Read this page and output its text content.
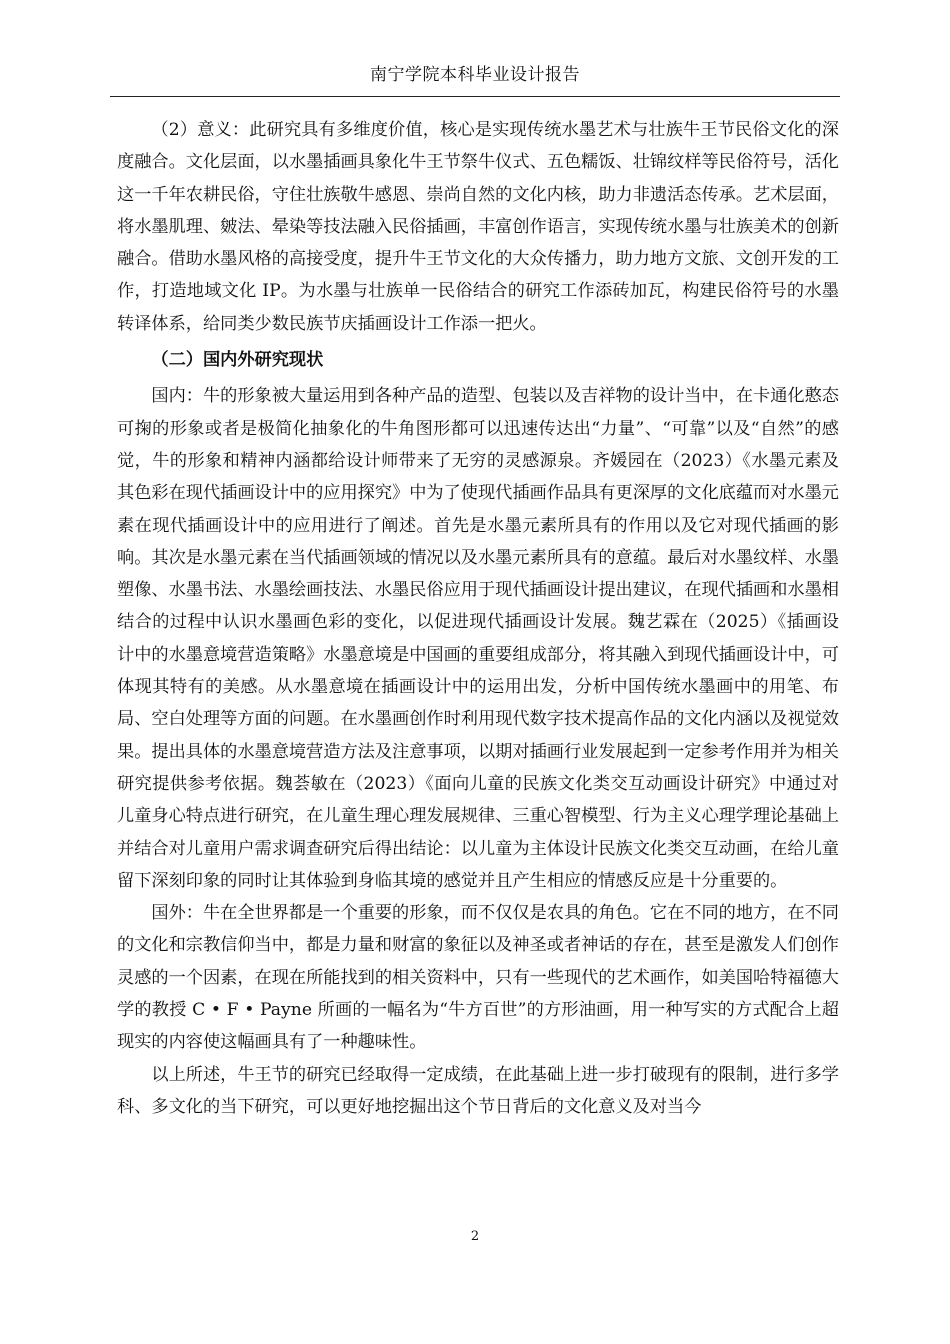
南宁学院本科毕业设计报告

（2）意义：此研究具有多维度价值，核心是实现传统水墨艺术与壮族牛王节民俗文化的深度融合。文化层面，以水墨插画具象化牛王节祭牛仪式、五色糯饭、壮锦纹样等民俗符号，活化这一千年农耕民俗，守住壮族敬牛感恩、崇尚自然的文化内核，助力非遗活态传承。艺术层面，将水墨肌理、皴法、晕染等技法融入民俗插画，丰富创作语言，实现传统水墨与壮族美术的创新融合。借助水墨风格的高接受度，提升牛王节文化的大众传播力，助力地方文旅、文创开发的工作，打造地域文化 IP。为水墨与壮族单一民俗结合的研究工作添砖加瓦，构建民俗符号的水墨转译体系，给同类少数民族节庆插画设计工作添一把火。

（二）国内外研究现状

国内：牛的形象被大量运用到各种产品的造型、包装以及吉祥物的设计当中，在卡通化憨态可掬的形象或者是极简化抽象化的牛角图形都可以迅速传达出“力量”、“可靠”以及“自然”的感觉，牛的形象和精神内涵都给设计师带来了无穷的灵感源泉。齐媛园在（2023）《水墨元素及其色彩在现代插画设计中的应用探究》中为了使现代插画作品具有更深厚的文化底蕴而对水墨元素在现代插画设计中的应用进行了阐述。首先是水墨元素所具有的作用以及它对现代插画的影响。其次是水墨元素在当代插画领域的情况以及水墨元素所具有的意蕴。最后对水墨纹样、水墨塑像、水墨书法、水墨绘画技法、水墨民俗应用于现代插画设计提出建议，在现代插画和水墨相结合的过程中认识水墨画色彩的变化，以促进现代插画设计发展。魏艺霖在（2025）《插画设计中的水墨意境营造策略》水墨意境是中国画的重要组成部分，将其融入到现代插画设计中，可体现其特有的美感。从水墨意境在插画设计中的运用出发，分析中国传统水墨画中的用笔、布局、空白处理等方面的问题。在水墨画创作时利用现代数字技术提高作品的文化内涵以及视觉效果。提出具体的水墨意境营造方法及注意事项，以期对插画行业发展起到一定参考作用并为相关研究提供参考依据。魏荟敏在（2023）《面向儿童的民族文化类交互动画设计研究》中通过对儿童身心特点进行研究，在儿童生理心理发展规律、三重心智模型、行为主义心理学理论基础上并结合对儿童用户需求调查研究后得出结论：以儿童为主体设计民族文化类交互动画，在给儿童留下深刻印象的同时让其体验到身临其境的感觉并且产生相应的情感反应是十分重要的。

国外：牛在全世界都是一个重要的形象，而不仅仅是农具的角色。它在不同的地方，在不同的文化和宗教信仰当中，都是力量和财富的象征以及神圣或者神话的存在，甚至是激发人们创作灵感的一个因素，在现在所能找到的相关资料中，只有一些现代的艺术画作，如美国哈特福德大学的教授 C • F • Payne 所画的一幅名为“牛方百世”的方形油画，用一种写实的方式配合上超现实的内容使这幅画具有了一种趣味性。

以上所述，牛王节的研究已经取得一定成绩，在此基础上进一步打破现有的限制，进行多学科、多文化的当下研究，可以更好地挖掘出这个节日背后的文化意义及对当今

2
